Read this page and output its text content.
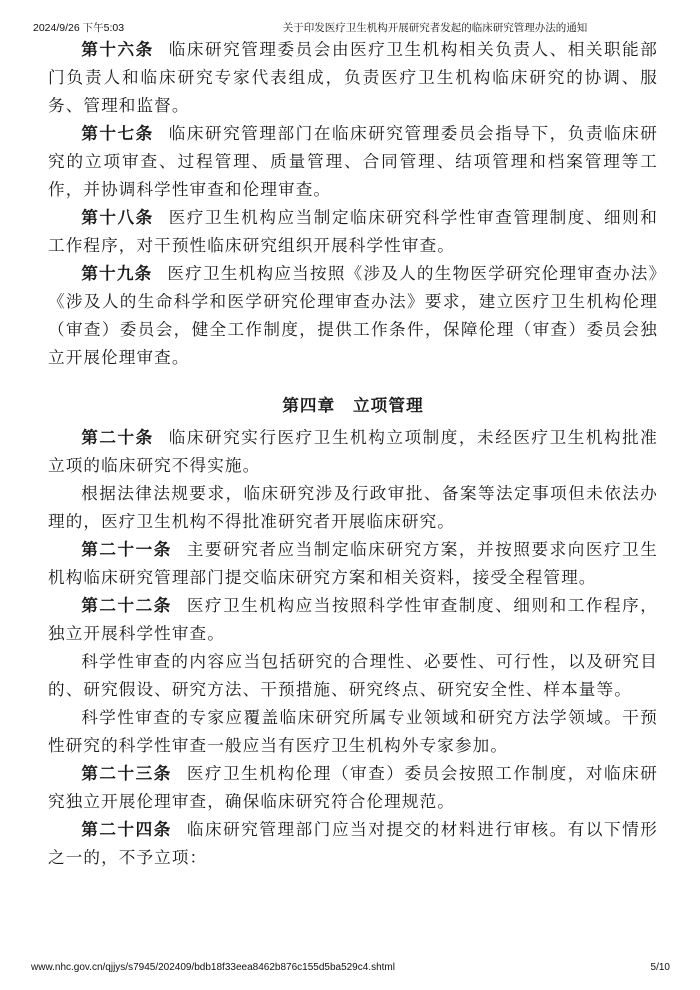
2024/9/26 下午5:03	关于印发医疗卫生机构开展研究者发起的临床研究管理办法的通知

第十六条 临床研究管理委员会由医疗卫生机构相关负责人、相关职能部门负责人和临床研究专家代表组成，负责医疗卫生机构临床研究的协调、服务、管理和监督。

第十七条 临床研究管理部门在临床研究管理委员会指导下，负责临床研究的立项审查、过程管理、质量管理、合同管理、结项管理和档案管理等工作，并协调科学性审查和伦理审查。

第十八条 医疗卫生机构应当制定临床研究科学性审查管理制度、细则和工作程序，对干预性临床研究组织开展科学性审查。

第十九条 医疗卫生机构应当按照《涉及人的生物医学研究伦理审查办法》《涉及人的生命科学和医学研究伦理审查办法》要求，建立医疗卫生机构伦理（审查）委员会，健全工作制度，提供工作条件，保障伦理（审查）委员会独立开展伦理审查。

第四章　立项管理

第二十条 临床研究实行医疗卫生机构立项制度，未经医疗卫生机构批准立项的临床研究不得实施。

根据法律法规要求，临床研究涉及行政审批、备案等法定事项但未依法办理的，医疗卫生机构不得批准研究者开展临床研究。

第二十一条 主要研究者应当制定临床研究方案，并按照要求向医疗卫生机构临床研究管理部门提交临床研究方案和相关资料，接受全程管理。

第二十二条 医疗卫生机构应当按照科学性审查制度、细则和工作程序，独立开展科学性审查。

科学性审查的内容应当包括研究的合理性、必要性、可行性，以及研究目的、研究假设、研究方法、干预措施、研究终点、研究安全性、样本量等。

科学性审查的专家应覆盖临床研究所属专业领域和研究方法学领域。干预性研究的科学性审查一般应当有医疗卫生机构外专家参加。

第二十三条 医疗卫生机构伦理（审查）委员会按照工作制度，对临床研究独立开展伦理审查，确保临床研究符合伦理规范。

第二十四条 临床研究管理部门应当对提交的材料进行审核。有以下情形之一的，不予立项：

www.nhc.gov.cn/qjjys/s7945/202409/bdb18f33eea8462b876c155d5ba529c4.shtml	5/10
